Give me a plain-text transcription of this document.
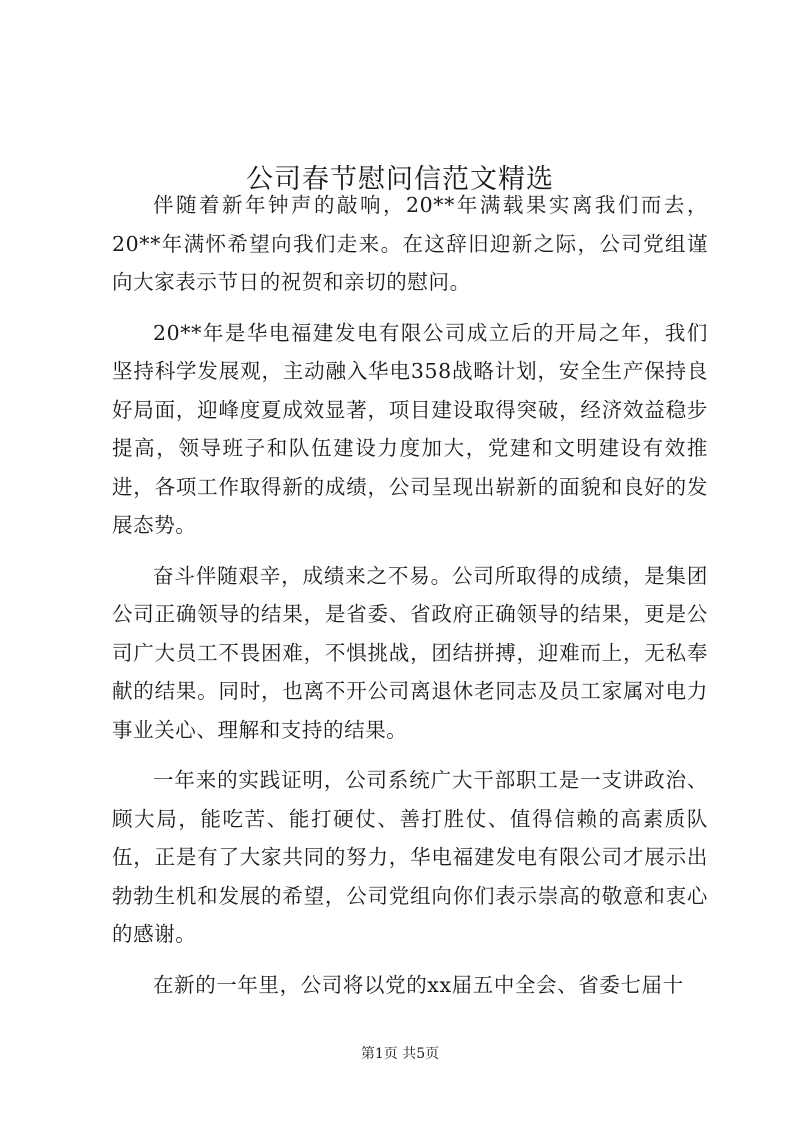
公司春节慰问信范文精选

伴随着新年钟声的敲响，20**年满载果实离我们而去，20**年满怀希望向我们走来。在这辞旧迎新之际，公司党组谨向大家表示节日的祝贺和亲切的慰问。

20**年是华电福建发电有限公司成立后的开局之年，我们坚持科学发展观，主动融入华电358战略计划，安全生产保持良好局面，迎峰度夏成效显著，项目建设取得突破，经济效益稳步提高，领导班子和队伍建设力度加大，党建和文明建设有效推进，各项工作取得新的成绩，公司呈现出崭新的面貌和良好的发展态势。

奋斗伴随艰辛，成绩来之不易。公司所取得的成绩，是集团公司正确领导的结果，是省委、省政府正确领导的结果，更是公司广大员工不畏困难，不惧挑战，团结拼搏，迎难而上，无私奉献的结果。同时，也离不开公司离退休老同志及员工家属对电力事业关心、理解和支持的结果。

一年来的实践证明，公司系统广大干部职工是一支讲政治、顾大局，能吃苦、能打硬仗、善打胜仗、值得信赖的高素质队伍，正是有了大家共同的努力，华电福建发电有限公司才展示出勃勃生机和发展的希望，公司党组向你们表示崇高的敬意和衷心的感谢。

在新的一年里，公司将以党的xx届五中全会、省委七届十

第1页 共5页
